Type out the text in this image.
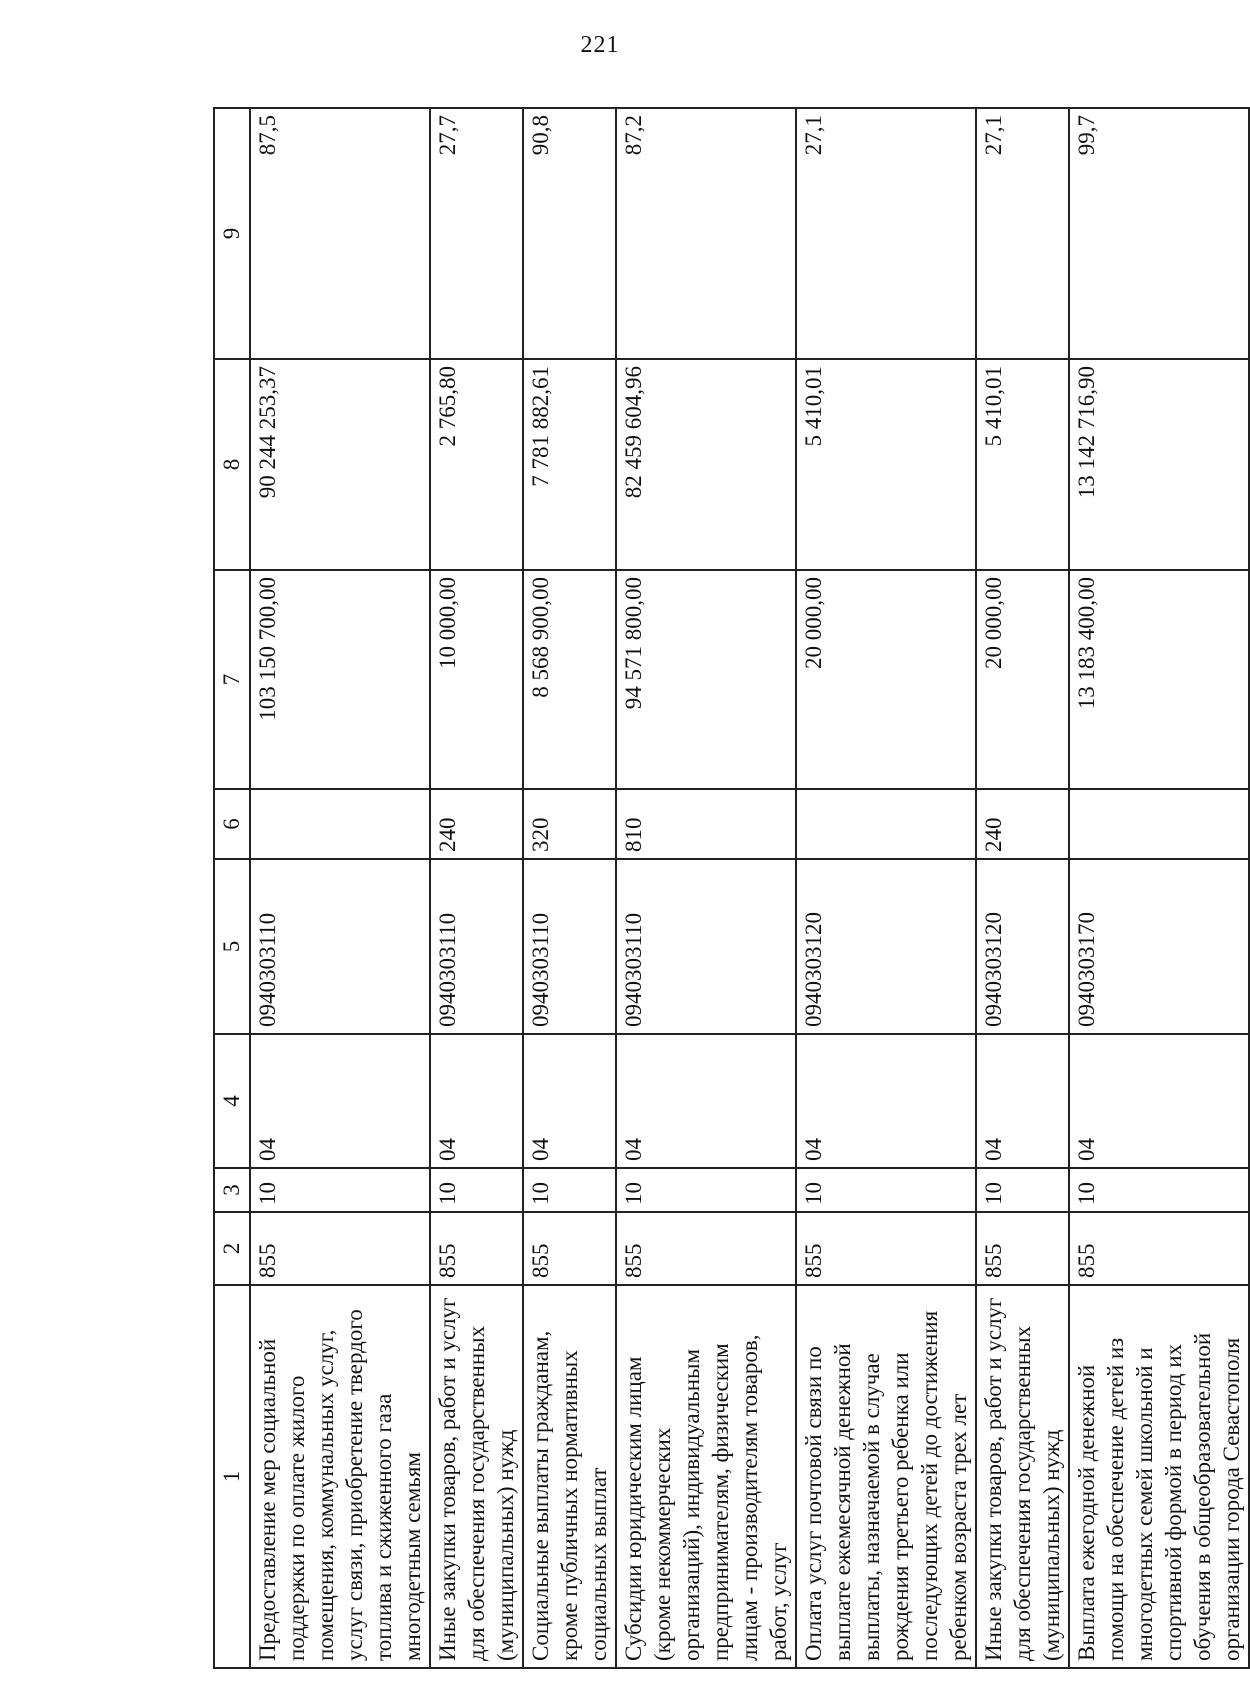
221
1	2	3	4	5	6	7	8	9
Предоставление мер социальной поддержки по оплате жилого помещения, коммунальных услуг, услуг связи, приобретение твердого топлива и сжиженного газа многодетным семьям	855	10	04	0940303110		103 150 700,00	90 244 253,37	87,5
Иные закупки товаров, работ и услуг для обеспечения государственных (муниципальных) нужд	855	10	04	0940303110	240	10 000,00	2 765,80	27,7
Социальные выплаты гражданам, кроме публичных нормативных социальных выплат	855	10	04	0940303110	320	8 568 900,00	7 781 882,61	90,8
Субсидии юридическим лицам (кроме некоммерческих организаций), индивидуальным предпринимателям, физическим лицам - производителям товаров, работ, услуг	855	10	04	0940303110	810	94 571 800,00	82 459 604,96	87,2
Оплата услуг почтовой связи по выплате ежемесячной денежной выплаты, назначаемой в случае рождения третьего ребенка или последующих детей до достижения ребенком возраста трех лет	855	10	04	0940303120		20 000,00	5 410,01	27,1
Иные закупки товаров, работ и услуг для обеспечения государственных (муниципальных) нужд	855	10	04	0940303120	240	20 000,00	5 410,01	27,1
Выплата ежегодной денежной помощи на обеспечение детей из многодетных семей школьной и спортивной формой в период их обучения в общеобразовательной организации города Севастополя	855	10	04	0940303170		13 183 400,00	13 142 716,90	99,7
